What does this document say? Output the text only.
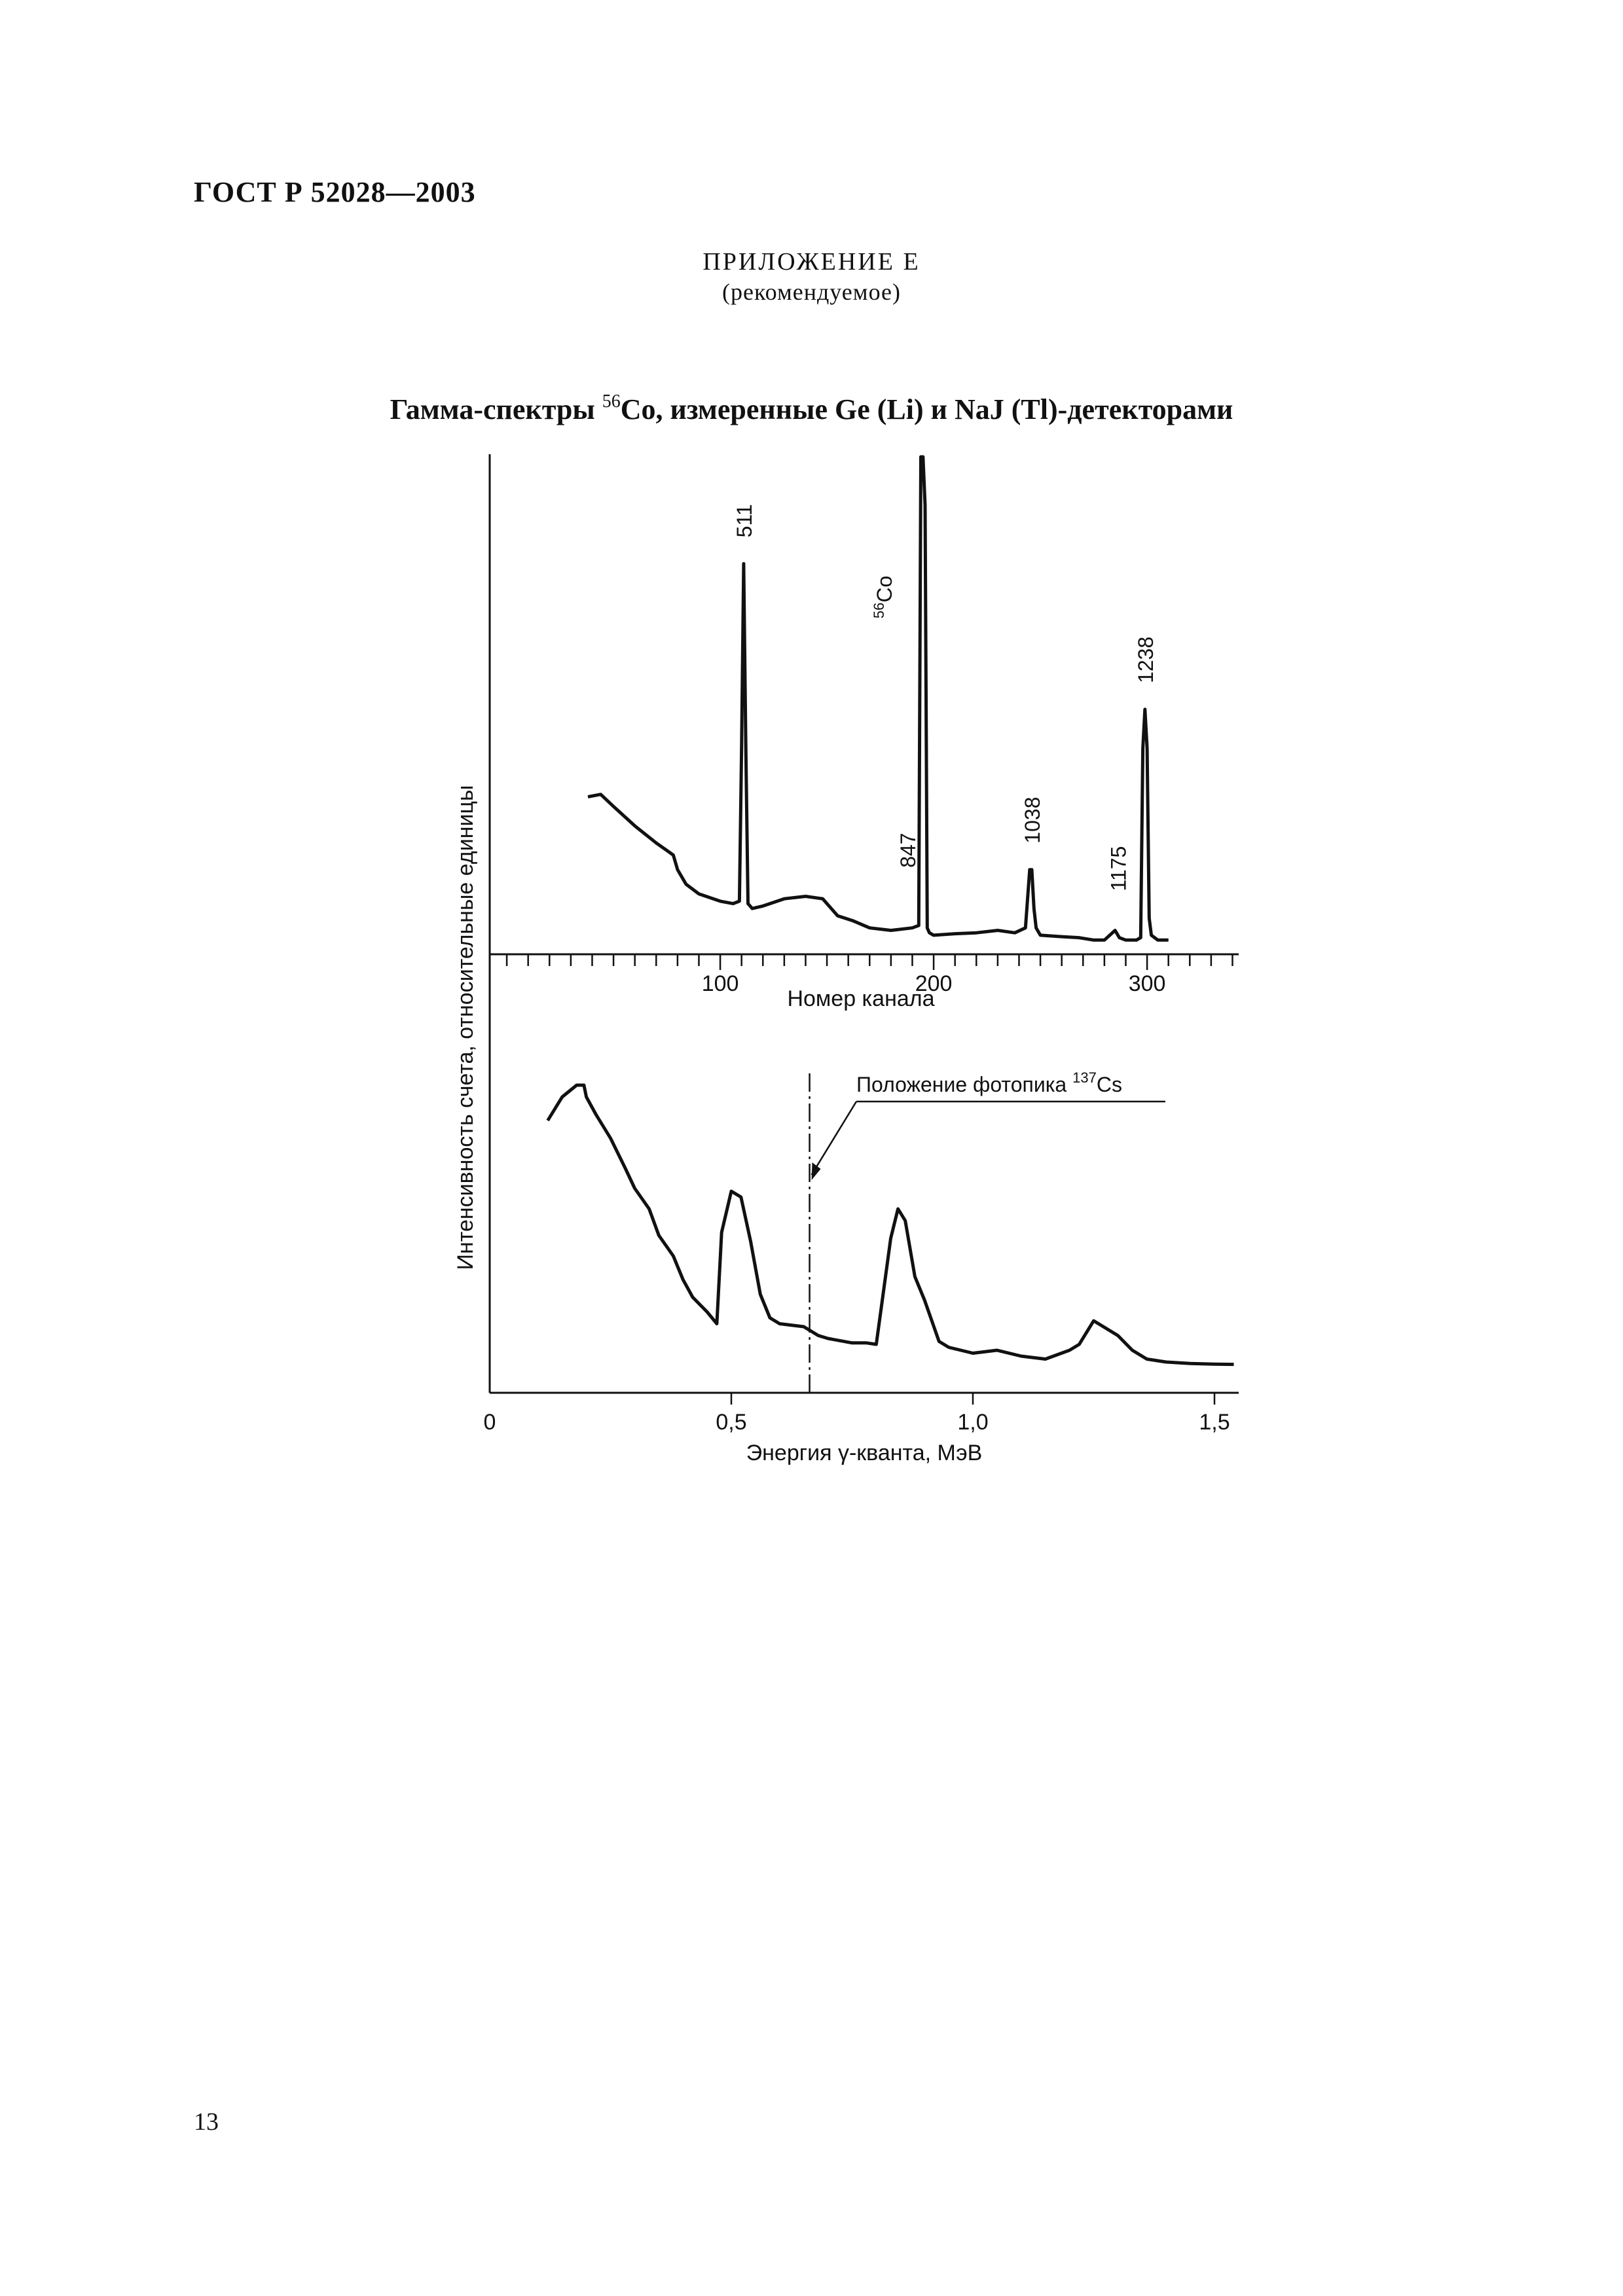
ГОСТ Р 52028—2003
ПРИЛОЖЕНИЕ Е
(рекомендуемое)
Гамма-спектры $^{56}$Co, измеренные Ge (Li) и NaJ (Tl)-детекторами
Интенсивность счета, относительные единицы	Номер канала
Энергия γ-кванта, МэВ
Положение фотопика $^{137}$Cs
$^{56}$Co
100	200	300
0	0,5	1,0	1,5
511
847
1038
1175
1238
13
